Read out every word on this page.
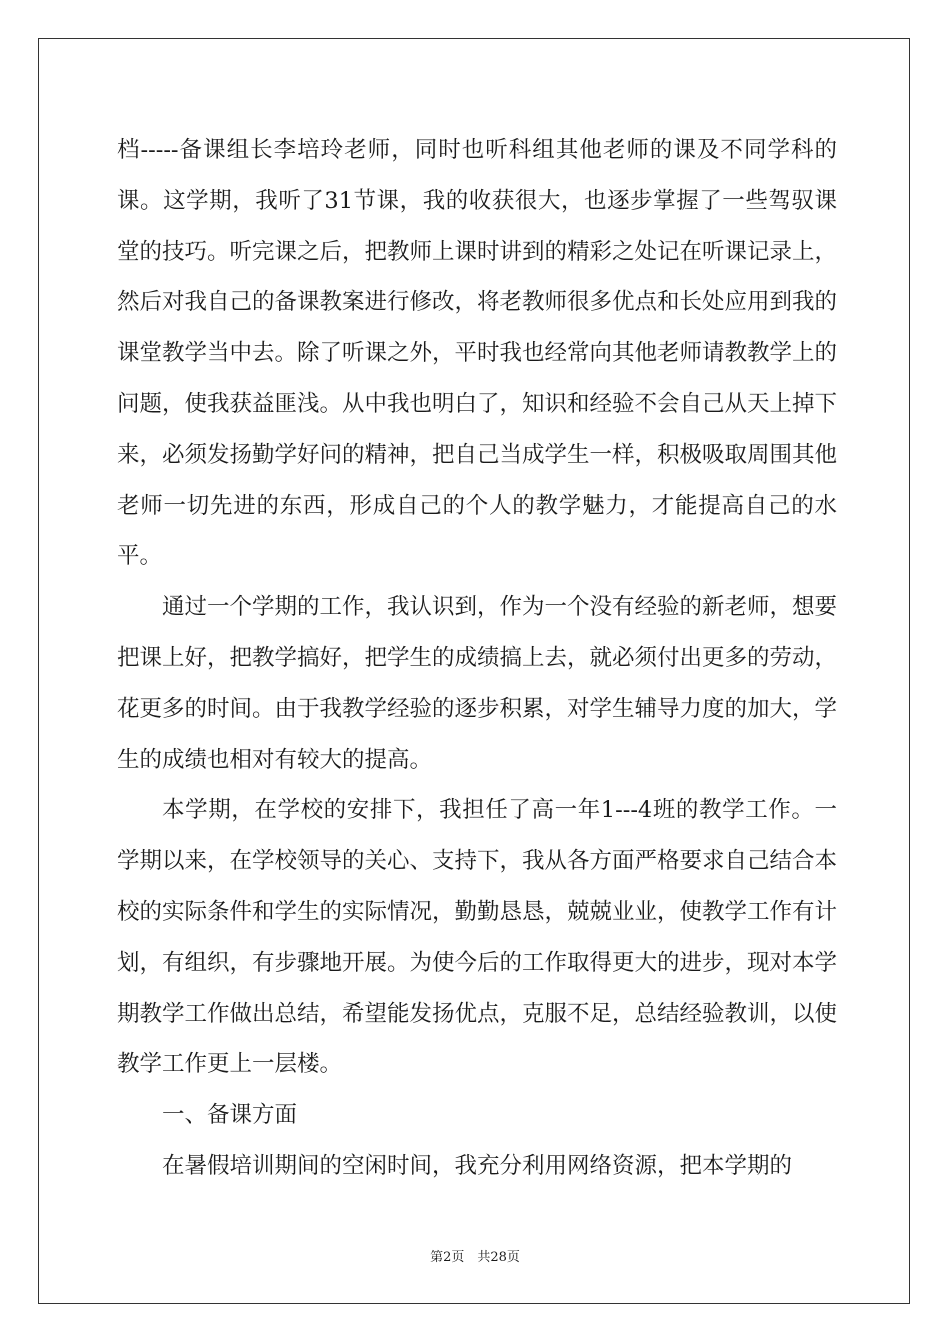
档-----备课组长李培玲老师，同时也听科组其他老师的课及不同学科的课。这学期，我听了31节课，我的收获很大，也逐步掌握了一些驾驭课堂的技巧。听完课之后，把教师上课时讲到的精彩之处记在听课记录上，然后对我自己的备课教案进行修改，将老教师很多优点和长处应用到我的课堂教学当中去。除了听课之外，平时我也经常向其他老师请教教学上的问题，使我获益匪浅。从中我也明白了，知识和经验不会自己从天上掉下来，必须发扬勤学好问的精神，把自己当成学生一样，积极吸取周围其他老师一切先进的东西，形成自己的个人的教学魅力，才能提高自己的水平。

通过一个学期的工作，我认识到，作为一个没有经验的新老师，想要把课上好，把教学搞好，把学生的成绩搞上去，就必须付出更多的劳动，花更多的时间。由于我教学经验的逐步积累，对学生辅导力度的加大，学生的成绩也相对有较大的提高。

本学期，在学校的安排下，我担任了高一年1---4班的教学工作。一学期以来，在学校领导的关心、支持下，我从各方面严格要求自己结合本校的实际条件和学生的实际情况，勤勤恳恳，兢兢业业，使教学工作有计划，有组织，有步骤地开展。为使今后的工作取得更大的进步，现对本学期教学工作做出总结，希望能发扬优点，克服不足，总结经验教训，以使教学工作更上一层楼。

一、备课方面

在暑假培训期间的空闲时间，我充分利用网络资源，把本学期的

第2页　共28页
